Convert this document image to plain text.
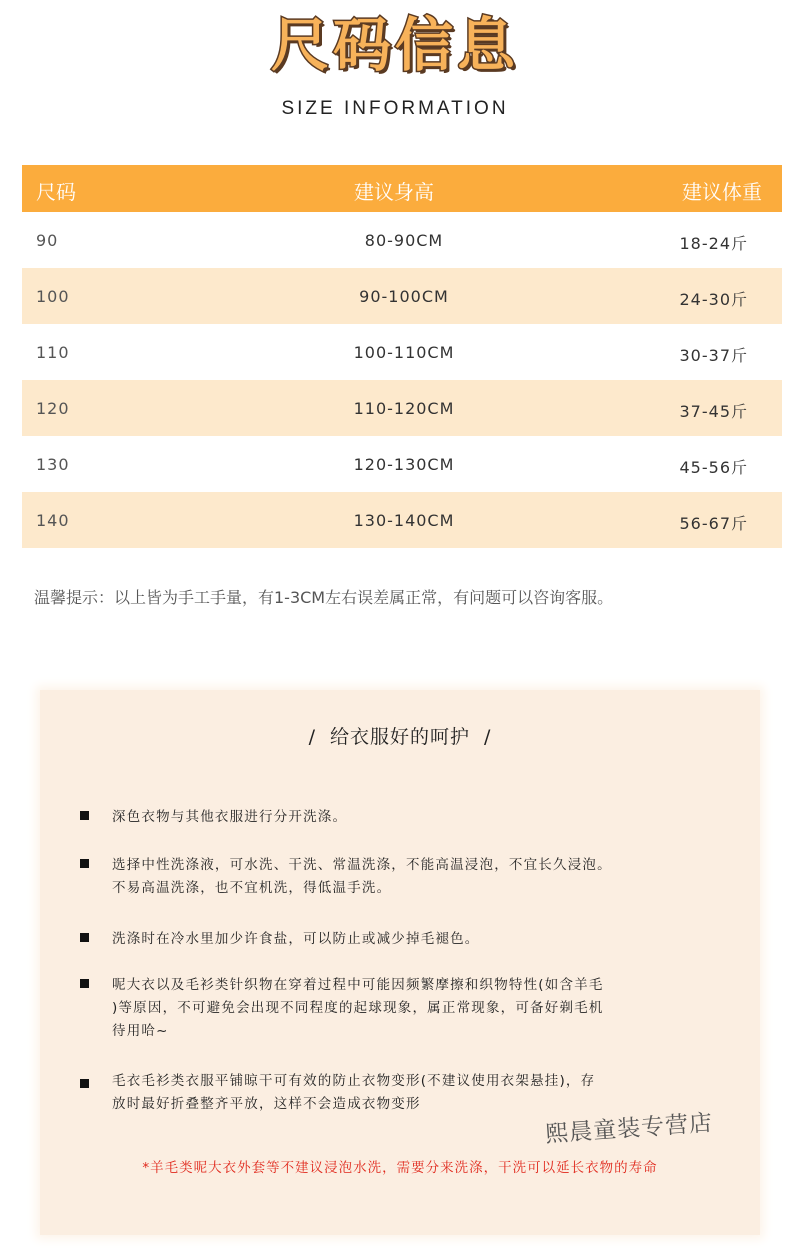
尺码信息
SIZE INFORMATION
尺码	建议身高	建议体重
90	80-90CM	18-24斤
100	90-100CM	24-30斤
110	100-110CM	30-37斤
120	110-120CM	37-45斤
130	120-130CM	45-56斤
140	130-140CM	56-67斤
温馨提示：以上皆为手工手量，有1-3CM左右误差属正常，有问题可以咨询客服。
/ 给衣服好的呵护 /
深色衣物与其他衣服进行分开洗涤。
选择中性洗涤液，可水洗、干洗、常温洗涤，不能高温浸泡，不宜长久浸泡。
不易高温洗涤，也不宜机洗，得低温手洗。
洗涤时在冷水里加少许食盐，可以防止或减少掉毛褪色。
呢大衣以及毛衫类针织物在穿着过程中可能因频繁摩擦和织物特性(如含羊毛
)等原因，不可避免会出现不同程度的起球现象，属正常现象，可备好剃毛机
待用哈~
毛衣毛衫类衣服平铺晾干可有效的防止衣物变形(不建议使用衣架悬挂)，存
放时最好折叠整齐平放，这样不会造成衣物变形
熙晨童装专营店
*羊毛类呢大衣外套等不建议浸泡水洗，需要分来洗涤，干洗可以延长衣物的寿命
